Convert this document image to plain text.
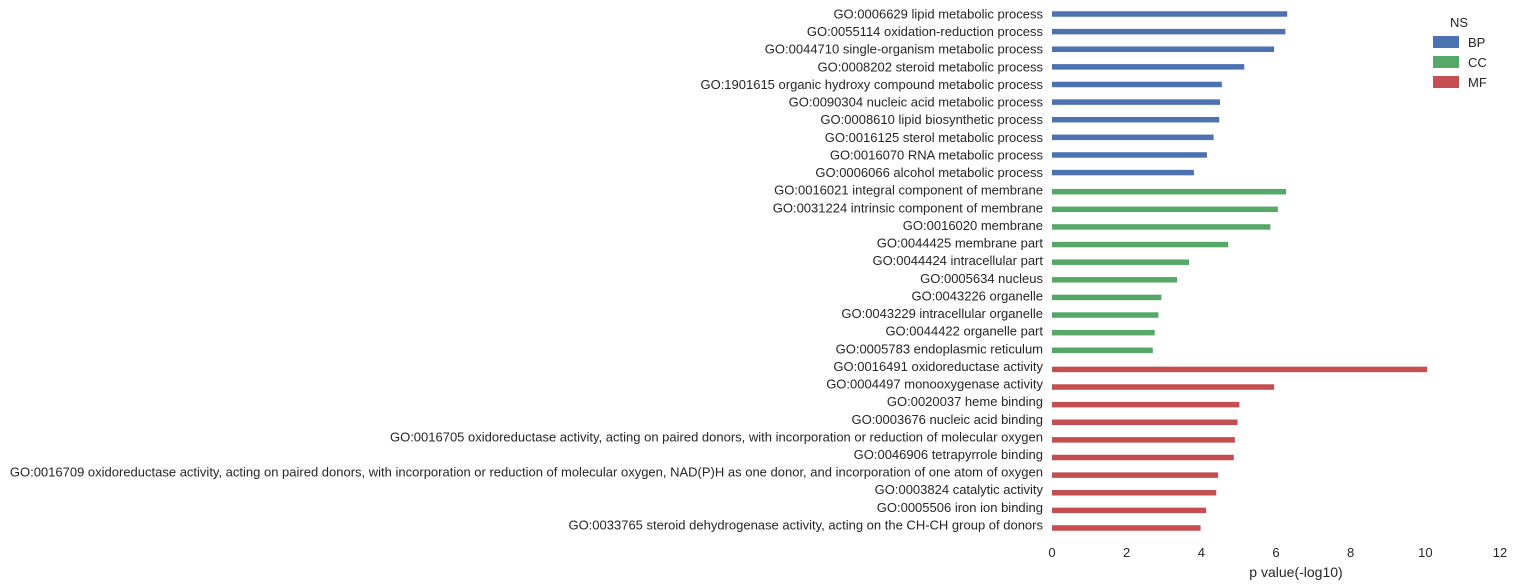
GO:0006629 lipid metabolic process
GO:0055114 oxidation-reduction process
GO:0044710 single-organism metabolic process
GO:0008202 steroid metabolic process
GO:1901615 organic hydroxy compound metabolic process
GO:0090304 nucleic acid metabolic process
GO:0008610 lipid biosynthetic process
GO:0016125 sterol metabolic process
GO:0016070 RNA metabolic process
GO:0006066 alcohol metabolic process
GO:0016021 integral component of membrane
GO:0031224 intrinsic component of membrane
GO:0016020 membrane
GO:0044425 membrane part
GO:0044424 intracellular part
GO:0005634 nucleus
GO:0043226 organelle
GO:0043229 intracellular organelle
GO:0044422 organelle part
GO:0005783 endoplasmic reticulum
GO:0016491 oxidoreductase activity
GO:0004497 monooxygenase activity
GO:0020037 heme binding
GO:0003676 nucleic acid binding
GO:0016705 oxidoreductase activity, acting on paired donors, with incorporation or reduction of molecular oxygen
GO:0046906 tetrapyrrole binding
GO:0016709 oxidoreductase activity, acting on paired donors, with incorporation or reduction of molecular oxygen, NAD(P)H as one donor, and incorporation of one atom of oxygen
GO:0003824 catalytic activity
GO:0005506 iron ion binding
GO:0033765 steroid dehydrogenase activity, acting on the CH-CH group of donors
0	2	4	6	8	10	12
p value(-log10)
NS
BP
CC
MF
